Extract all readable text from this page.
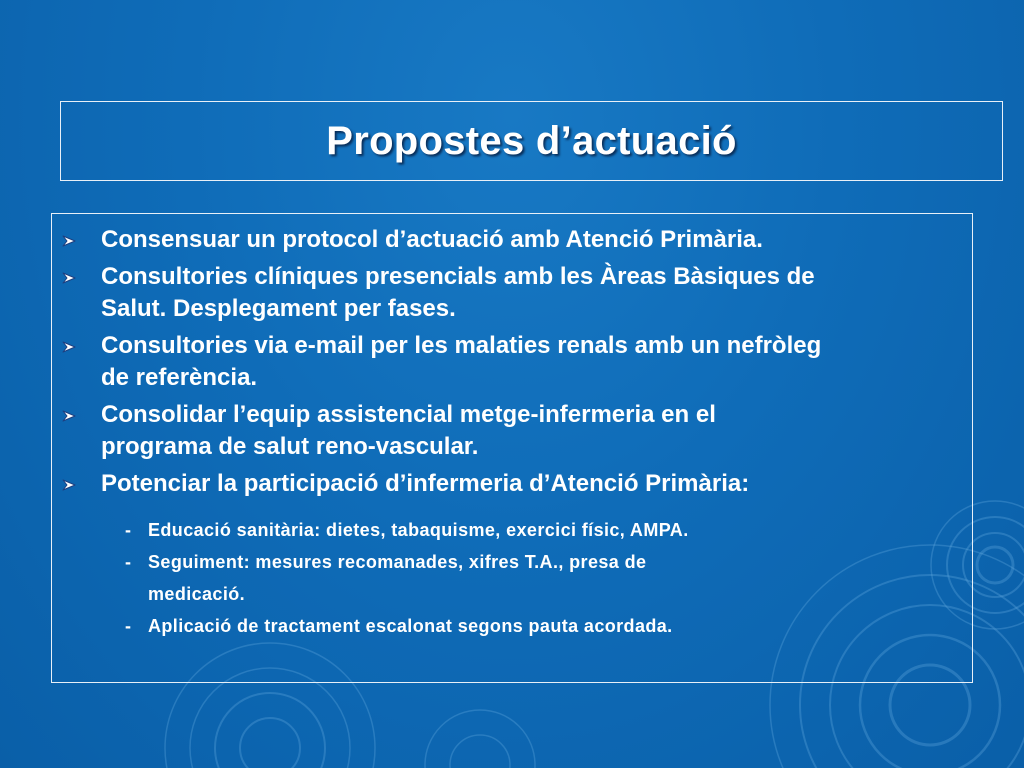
Propostes d’actuació
Consensuar un protocol d’actuació amb Atenció Primària.
Consultories clíniques presencials amb les Àreas Bàsiques de
Salut. Desplegament per fases.
Consultories via e-mail per les malaties renals amb un nefròleg
de referència.
Consolidar l’equip assistencial metge-infermeria en el
programa de salut reno-vascular.
Potenciar la participació d’infermeria d’Atenció Primària:
- Educació sanitària: dietes, tabaquisme, exercici físic, AMPA.
- Seguiment: mesures recomanades, xifres T.A., presa de
medicació.
- Aplicació de tractament escalonat segons pauta acordada.
